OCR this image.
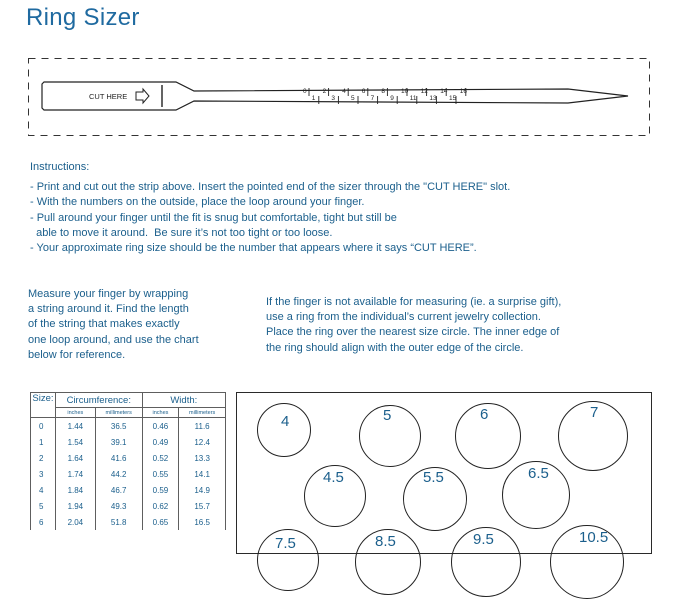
Ring Sizer
CUT HERE
0 2 4 6 8 10 12 14 16
1 3 5 7 9 11 13 15
Instructions:
- Print and cut out the strip above. Insert the pointed end of the sizer through the "CUT HERE" slot.
- With the numbers on the outside, place the loop around your finger.
- Pull around your finger until the fit is snug but comfortable, tight but still be
able to move it around.  Be sure it’s not too tight or too loose.
- Your approximate ring size should be the number that appears where it says “CUT HERE”.
Measure your finger by wrapping
a string around it. Find the length
of the string that makes exactly
one loop around, and use the chart
below for reference.
If the finger is not available for measuring (ie. a surprise gift),
use a ring from the individual’s current jewelry collection.
Place the ring over the nearest size circle. The inner edge of
the ring should align with the outer edge of the circle.
Size:	Circumference:		Width:	
	inches	millimeters	inches	millimeters
0	1.44	36.5	0.46	11.6
1	1.54	39.1	0.49	12.4
2	1.64	41.6	0.52	13.3
3	1.74	44.2	0.55	14.1
4	1.84	46.7	0.59	14.9
5	1.94	49.3	0.62	15.7
6	2.04	51.8	0.65	16.5
4	5	6	7
4.5	5.5	6.5
7.5	8.5	9.5	10.5
